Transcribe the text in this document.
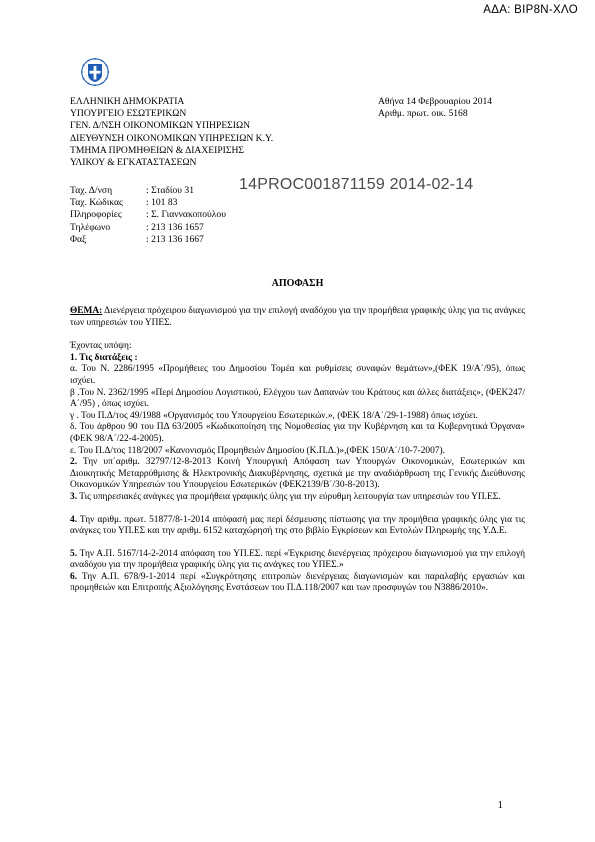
ΑΔΑ: ΒΙΡ8Ν-ΧΛΟ
ΕΛΛΗΝΙΚΗ ΔΗΜΟΚΡΑΤΙΑ
ΥΠΟΥΡΓΕΙΟ ΕΣΩΤΕΡΙΚΩΝ
ΓΕΝ. Δ/ΝΣΗ ΟΙΚΟΝΟΜΙΚΩΝ ΥΠΗΡΕΣΙΩΝ
ΔΙΕΥΘΥΝΣΗ ΟΙΚΟΝΟΜΙΚΩΝ ΥΠΗΡΕΣΙΩΝ Κ.Υ.
ΤΜΗΜΑ ΠΡΟΜΗΘΕΙΩΝ & ΔΙΑΧΕΙΡΙΣΗΣ
ΥΛΙΚΟΥ & ΕΓΚΑΤΑΣΤΑΣΕΩΝ
Αθήνα 14 Φεβρουαρίου 2014
Αριθμ. πρωτ. οικ. 5168
14PROC001871159 2014-02-14
Ταχ. Δ/νση	: Σταδίου 31
Ταχ. Κώδικας : 101 83
Πληροφορίες	: Σ. Γιαννακοπούλου
Τηλέφωνο	: 213 136 1657
Φαξ	: 213 136 1667
ΑΠΟΦΑΣΗ

ΘΕΜΑ: Διενέργεια πρόχειρου διαγωνισμού για την επιλογή αναδόχου για την προμήθεια γραφικής ύλης για τις ανάγκες των υπηρεσιών του ΥΠΕΣ.

Έχοντας υπόψη:

1. Τις διατάξεις :

α. Του Ν. 2286/1995 «Προμήθειες του Δημοσίου Τομέα και ρυθμίσεις συναφών θεμάτων»,(ΦΕΚ 19/Α΄/95), όπως ισχύει.

β .Του Ν. 2362/1995 «Περί Δημοσίου Λογιστικού, Ελέγχου των Δαπανών του Κράτους και άλλες διατάξεις», (ΦΕΚ247/Α΄/95) , όπως ισχύει.

γ . Του Π.Δ/τος 49/1988 «Οργανισμός του Υπουργείου Εσωτερικών.», (ΦΕΚ 18/Α΄/29-1-1988) όπως ισχύει.

δ. Του άρθρου 90 του ΠΔ 63/2005 «Κωδικοποίηση της Νομοθεσίας για την Κυβέρνηση και τα Κυβερνητικά Όργανα» (ΦΕΚ 98/Α΄/22-4-2005).

ε. Του Π.Δ/τος 118/2007 «Κανονισμός Προμηθειών Δημοσίου (Κ.Π.Δ.)»,(ΦΕΚ 150/Α΄/10-7-2007).

2. Την υπ΄αριθμ. 32797/12-8-2013 Κοινή Υπουργική Απόφαση των Υπουργών Οικονομικών, Εσωτερικών και Διοικητικής Μεταρρύθμισης & Ηλεκτρονικής Διακυβέρνησης, σχετικά με την αναδιάρθρωση της Γενικής Διεύθυνσης Οικονομικών Υπηρεσιών του Υπουργείου Εσωτερικών (ΦΕΚ2139/Β΄/30-8-2013).

3. Τις υπηρεσιακές ανάγκες για προμήθεια γραφικής ύλης για την εύρυθμη λειτουργία των υπηρεσιών του ΥΠ.ΕΣ.

4. Την αριθμ. πρωτ. 51877/8-1-2014 απόφασή μας περί δέσμευσης πίστωσης για την προμήθεια γραφικής ύλης για τις ανάγκες του ΥΠ.ΕΣ και την αριθμ. 6152 καταχώρησή της στο βιβλίο Εγκρίσεων και Εντολών Πληρωμής της Υ.Δ.Ε.

5. Την Α.Π. 5167/14-2-2014 απόφαση του ΥΠ.ΕΣ. περί «Έγκρισης διενέργειας πρόχειρου διαγωνισμού για την επιλογή αναδόχου για την προμήθεια γραφικής ύλης για τις ανάγκες του ΥΠΕΣ.»

6. Την Α.Π. 678/9-1-2014 περί «Συγκρότησης επιτροπών διενέργειας διαγωνισμών και παραλαβής εργασιών και προμηθειών και Επιτροπής Αξιολόγησης Ενστάσεων του Π.Δ.118/2007 και των προσφυγών του Ν3886/2010».

1
